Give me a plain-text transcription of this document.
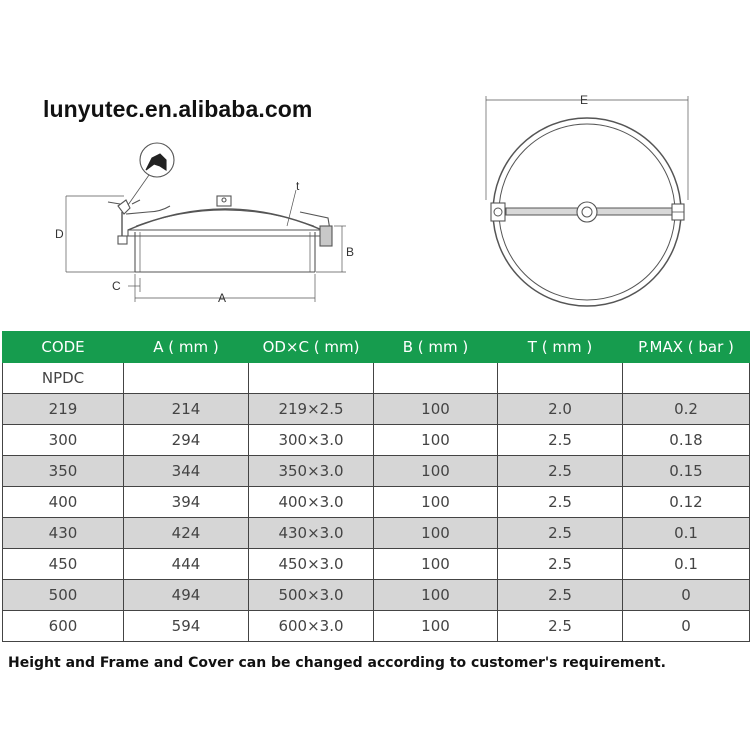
lunyutec.en.alibaba.com
D
B
C
A
t
E
CODE	A ( mm )	OD×C ( mm)	B ( mm )	T ( mm )	P.MAX ( bar )
NPDC					
219	214	219×2.5	100	2.0	0.2
300	294	300×3.0	100	2.5	0.18
350	344	350×3.0	100	2.5	0.15
400	394	400×3.0	100	2.5	0.12
430	424	430×3.0	100	2.5	0.1
450	444	450×3.0	100	2.5	0.1
500	494	500×3.0	100	2.5	0
600	594	600×3.0	100	2.5	0
Height and Frame and Cover can be changed according to customer's requirement.
